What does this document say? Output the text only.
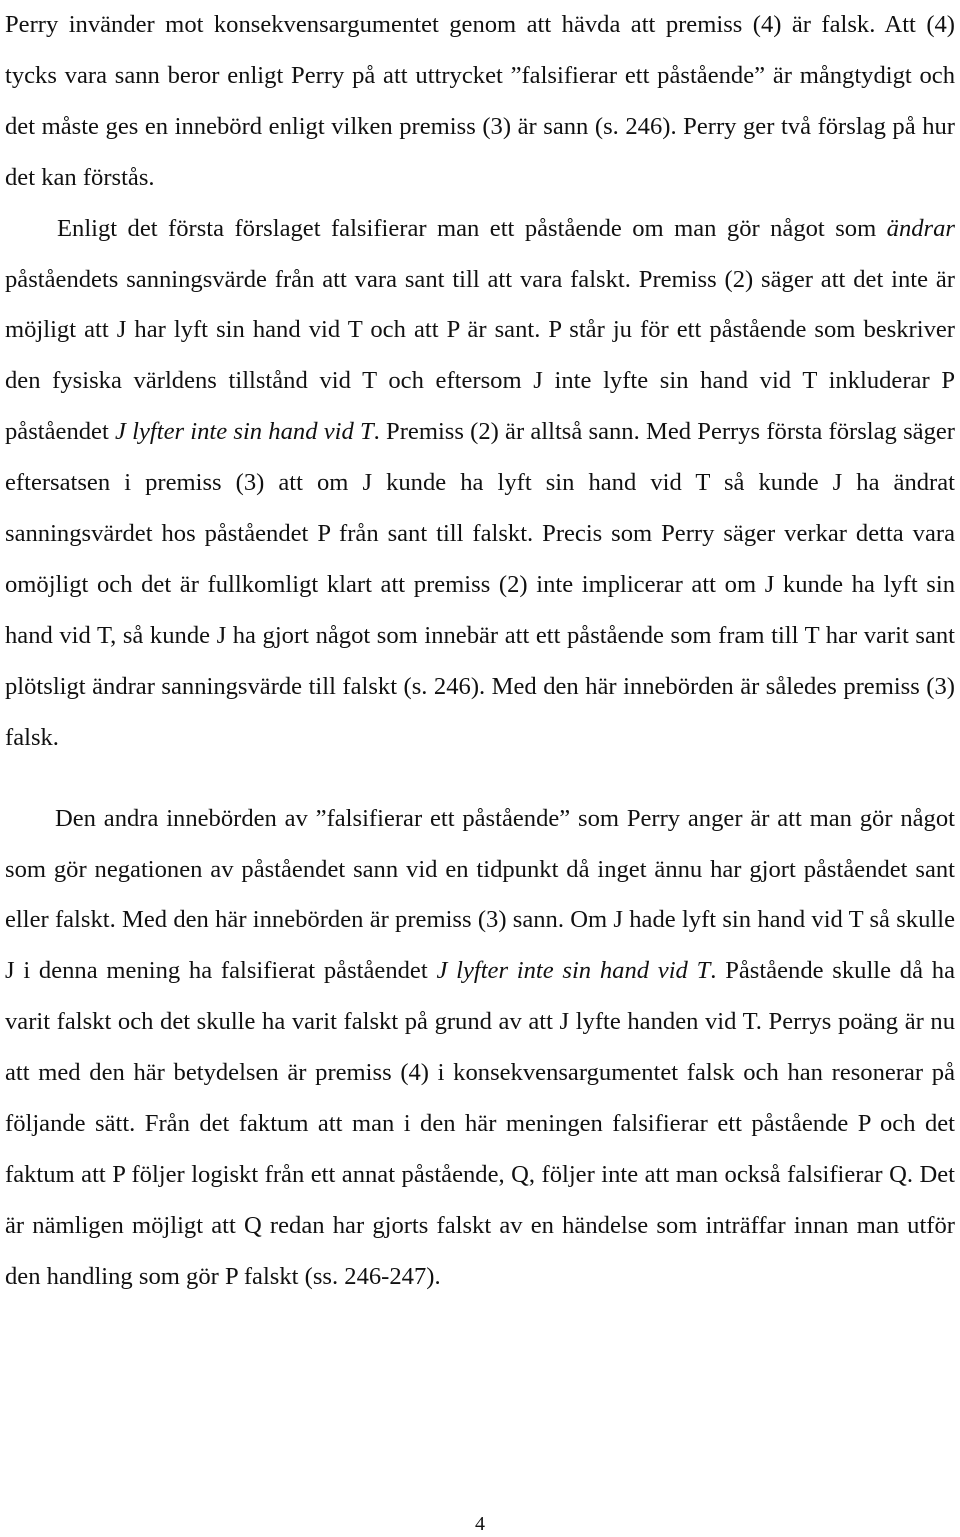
Perry invänder mot konsekvensargumentet genom att hävda att premiss (4) är falsk. Att (4) tycks vara sann beror enligt Perry på att uttrycket ”falsifierar ett påstående” är mångtydigt och det måste ges en innebörd enligt vilken premiss (3) är sann (s. 246). Perry ger två förslag på hur det kan förstås.

Enligt det första förslaget falsifierar man ett påstående om man gör något som ändrar påståendets sanningsvärde från att vara sant till att vara falskt. Premiss (2) säger att det inte är möjligt att J har lyft sin hand vid T och att P är sant. P står ju för ett påstående som beskriver den fysiska världens tillstånd vid T och eftersom J inte lyfte sin hand vid T inkluderar P påståendet J lyfter inte sin hand vid T. Premiss (2) är alltså sann. Med Perrys första förslag säger eftersatsen i premiss (3) att om J kunde ha lyft sin hand vid T så kunde J ha ändrat sanningsvärdet hos påståendet P från sant till falskt. Precis som Perry säger verkar detta vara omöjligt och det är fullkomligt klart att premiss (2) inte implicerar att om J kunde ha lyft sin hand vid T, så kunde J ha gjort något som innebär att ett påstående som fram till T har varit sant plötsligt ändrar sanningsvärde till falskt (s. 246). Med den här innebörden är således premiss (3) falsk.

Den andra innebörden av ”falsifierar ett påstående” som Perry anger är att man gör något som gör negationen av påståendet sann vid en tidpunkt då inget ännu har gjort påståendet sant eller falskt. Med den här innebörden är premiss (3) sann. Om J hade lyft sin hand vid T så skulle J i denna mening ha falsifierat påståendet J lyfter inte sin hand vid T. Påstående skulle då ha varit falskt och det skulle ha varit falskt på grund av att J lyfte handen vid T. Perrys poäng är nu att med den här betydelsen är premiss (4) i konsekvensargumentet falsk och han resonerar på följande sätt. Från det faktum att man i den här meningen falsifierar ett påstående P och det faktum att P följer logiskt från ett annat påstående, Q, följer inte att man också falsifierar Q. Det är nämligen möjligt att Q redan har gjorts falskt av en händelse som inträffar innan man utför den handling som gör P falskt (ss. 246-247).

4
